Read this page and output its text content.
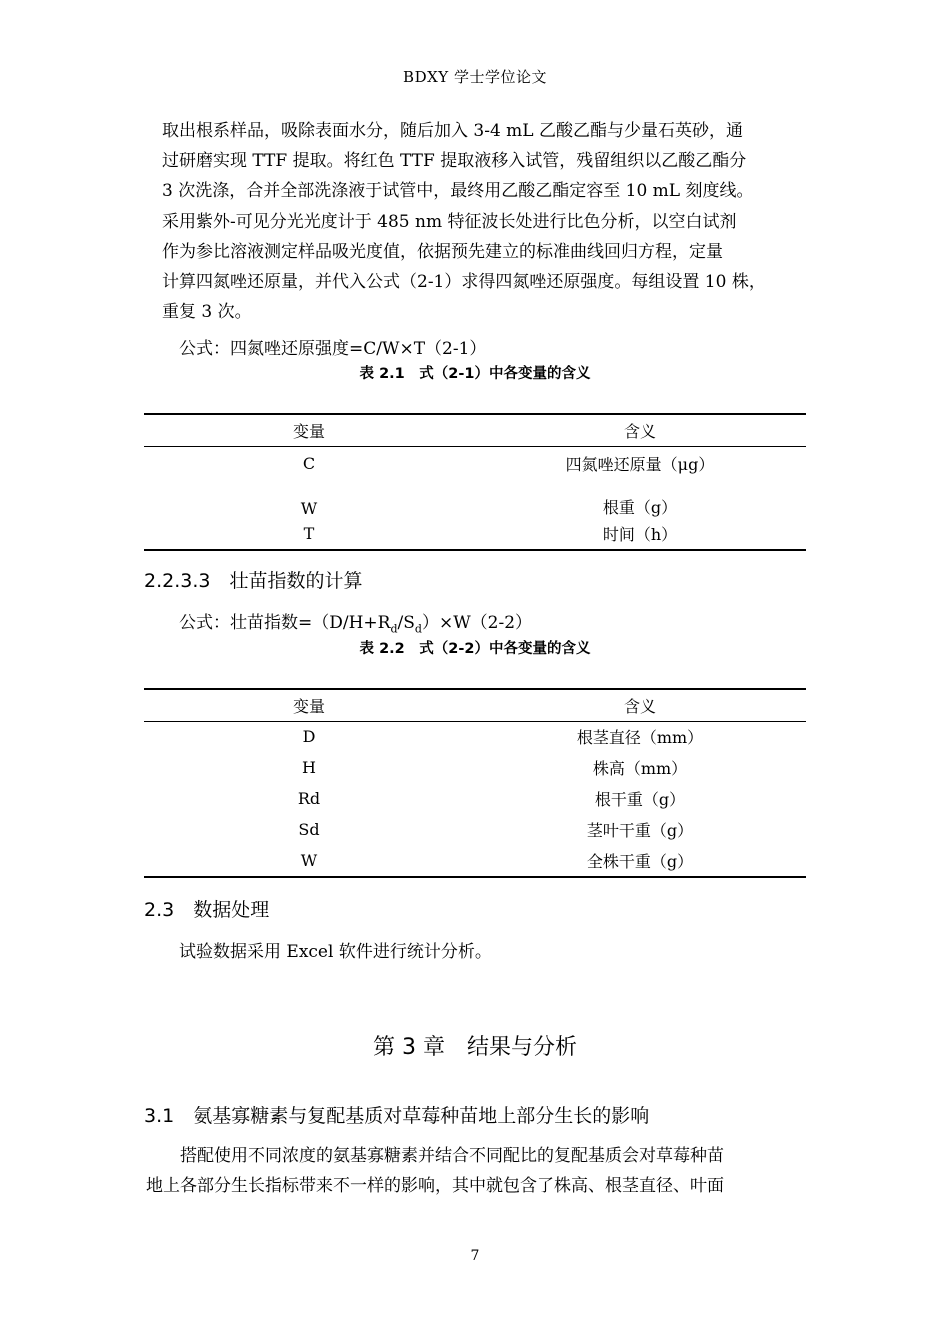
BDXY 学士学位论文
取出根系样品，吸除表面水分，随后加入 3-4 mL 乙酸乙酯与少量石英砂，通
过研磨实现 TTF 提取。将红色 TTF 提取液移入试管，残留组织以乙酸乙酯分
3 次洗涤，合并全部洗涤液于试管中，最终用乙酸乙酯定容至 10 mL 刻度线。
采用紫外-可见分光光度计于 485 nm 特征波长处进行比色分析，以空白试剂
作为参比溶液测定样品吸光度值，依据预先建立的标准曲线回归方程，定量
计算四氮唑还原量，并代入公式（2-1）求得四氮唑还原强度。每组设置 10 株，
重复 3 次。
公式：四氮唑还原强度=C/W×T（2-1）
表 2.1　式（2-1）中各变量的含义
变量	含义
C	四氮唑还原量（μg）
W	根重（g）
T	时间（h）
2.2.3.3　壮苗指数的计算
公式：壮苗指数$=(D/H+R_d/S_d)\times W(2-2)$
表 2.2　式（2-2）中各变量的含义
变量	含义
D	根茎直径（mm）
H	株高（mm）
Rd	根干重（g）
Sd	茎叶干重（g）
W	全株干重（g）
2.3　数据处理
试验数据采用 Excel 软件进行统计分析。
第 3 章　结果与分析
3.1　氨基寡糖素与复配基质对草莓种苗地上部分生长的影响
　　搭配使用不同浓度的氨基寡糖素并结合不同配比的复配基质会对草莓种苗
地上各部分生长指标带来不一样的影响，其中就包含了株高、根茎直径、叶面
7
